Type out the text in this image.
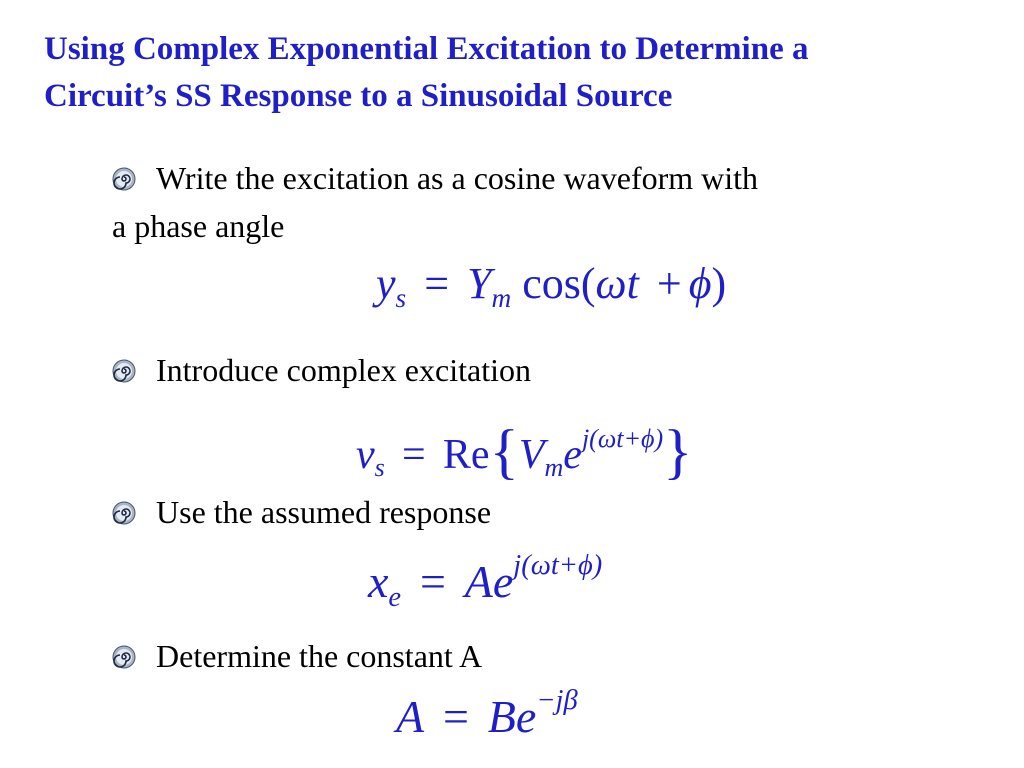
Using Complex Exponential Excitation to Determine a
Circuit’s SS Response to a Sinusoidal Source
Write the excitation as a cosine waveform with
a phase angle
ys = Ym cos(ωt + ϕ)
Introduce complex excitation
vs = Re{Vme$^{j(\omega t+\phi)}$}
Use the assumed response
xe = $Ae^{j(\omega t+\phi)}$
Determine the constant A
$A = Be^{-j\beta}$
